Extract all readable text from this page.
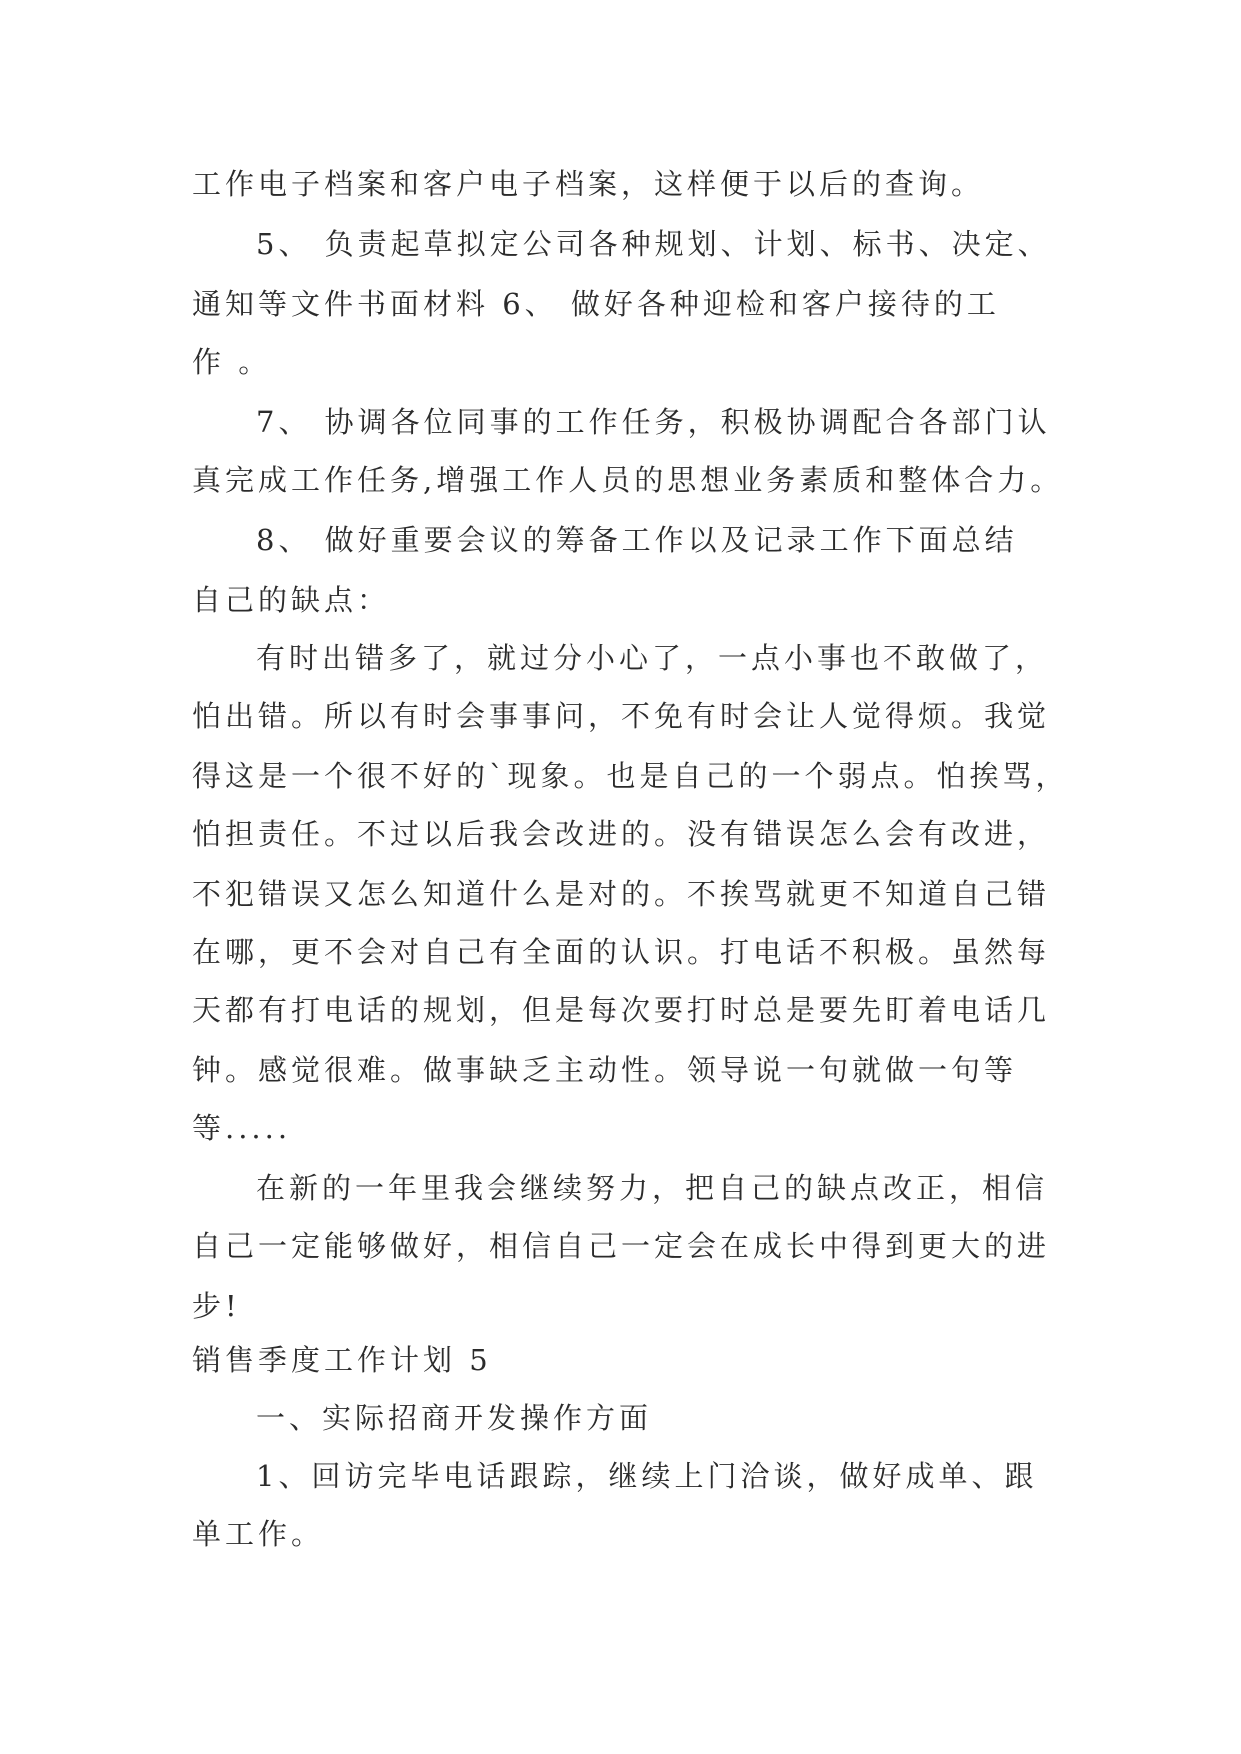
工作电子档案和客户电子档案，这样便于以后的查询。
5、 负责起草拟定公司各种规划、计划、标书、决定、
通知等文件书面材料 6、 做好各种迎检和客户接待的工
作 。
7、 协调各位同事的工作任务，积极协调配合各部门认
真完成工作任务,增强工作人员的思想业务素质和整体合力。
8、 做好重要会议的筹备工作以及记录工作下面总结
自己的缺点：
有时出错多了，就过分小心了，一点小事也不敢做了，
怕出错。所以有时会事事问，不免有时会让人觉得烦。我觉
得这是一个很不好的`现象。也是自己的一个弱点。怕挨骂，
怕担责任。不过以后我会改进的。没有错误怎么会有改进，
不犯错误又怎么知道什么是对的。不挨骂就更不知道自己错
在哪，更不会对自己有全面的认识。打电话不积极。虽然每
天都有打电话的规划，但是每次要打时总是要先盯着电话几
钟。感觉很难。做事缺乏主动性。领导说一句就做一句等
等.....
在新的一年里我会继续努力，把自己的缺点改正，相信
自己一定能够做好，相信自己一定会在成长中得到更大的进
步!
销售季度工作计划 5
一、实际招商开发操作方面
1、回访完毕电话跟踪，继续上门洽谈，做好成单、跟
单工作。
